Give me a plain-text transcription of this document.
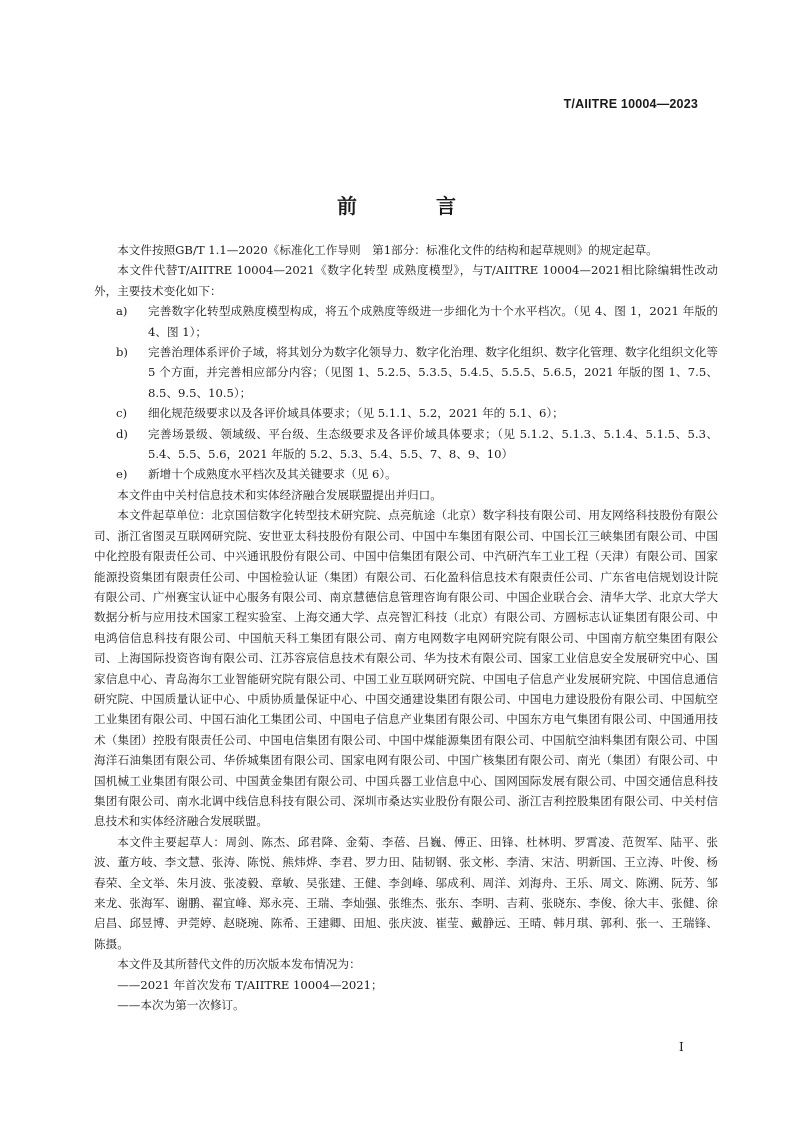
T/AIITRE 10004—2023
前 言

本文件按照GB/T 1.1—2020《标准化工作导则　第1部分：标准化文件的结构和起草规则》的规定起草。

本文件代替T/AIITRE 10004—2021《数字化转型 成熟度模型》，与T/AIITRE 10004—2021相比除编辑性改动外，主要技术变化如下：

a)	完善数字化转型成熟度模型构成，将五个成熟度等级进一步细化为十个水平档次。（见 4、图 1，2021 年版的 4、图 1）；
b)	完善治理体系评价子域，将其划分为数字化领导力、数字化治理、数字化组织、数字化管理、数字化组织文化等 5 个方面，并完善相应部分内容；（见图 1、5.2.5、5.3.5、5.4.5、5.5.5、5.6.5，2021 年版的图 1、7.5、8.5、9.5、10.5）；
c)	细化规范级要求以及各评价域具体要求；（见 5.1.1、5.2，2021 年的 5.1、6）；
d)	完善场景级、领域级、平台级、生态级要求及各评价域具体要求；（见 5.1.2、5.1.3、5.1.4、5.1.5、5.3、5.4、5.5、5.6，2021 年版的 5.2、5.3、5.4、5.5、7、8、9、10）
e)	新增十个成熟度水平档次及其关键要求（见 6）。

本文件由中关村信息技术和实体经济融合发展联盟提出并归口。

本文件起草单位：北京国信数字化转型技术研究院、点亮航途（北京）数字科技有限公司、用友网络科技股份有限公司、浙江省图灵互联网研究院、安世亚太科技股份有限公司、中国中车集团有限公司、中国长江三峡集团有限公司、中国中化控股有限责任公司、中兴通讯股份有限公司、中国中信集团有限公司、中汽研汽车工业工程（天津）有限公司、国家能源投资集团有限责任公司、中国检验认证（集团）有限公司、石化盈科信息技术有限责任公司、广东省电信规划设计院有限公司、广州赛宝认证中心服务有限公司、南京慧德信息管理咨询有限公司、中国企业联合会、清华大学、北京大学大数据分析与应用技术国家工程实验室、上海交通大学、点亮智汇科技（北京）有限公司、方圆标志认证集团有限公司、中电鸿信信息科技有限公司、中国航天科工集团有限公司、南方电网数字电网研究院有限公司、中国南方航空集团有限公司、上海国际投资咨询有限公司、江苏容宸信息技术有限公司、华为技术有限公司、国家工业信息安全发展研究中心、国家信息中心、青岛海尔工业智能研究院有限公司、中国工业互联网研究院、中国电子信息产业发展研究院、中国信息通信研究院、中国质量认证中心、中质协质量保证中心、中国交通建设集团有限公司、中国电力建设股份有限公司、中国航空工业集团有限公司、中国石油化工集团公司、中国电子信息产业集团有限公司、中国东方电气集团有限公司、中国通用技术（集团）控股有限责任公司、中国电信集团有限公司、中国中煤能源集团有限公司、中国航空油料集团有限公司、中国海洋石油集团有限公司、华侨城集团有限公司、国家电网有限公司、中国广核集团有限公司、南光（集团）有限公司、中国机械工业集团有限公司、中国黄金集团有限公司、中国兵器工业信息中心、国网国际发展有限公司、中国交通信息科技集团有限公司、南水北调中线信息科技有限公司、深圳市桑达实业股份有限公司、浙江吉利控股集团有限公司、中关村信息技术和实体经济融合发展联盟。

本文件主要起草人：周剑、陈杰、邱君降、金菊、李蓓、吕巍、傅正、田锋、杜林明、罗霄凌、范贺军、陆平、张波、董方岐、李文慧、张涛、陈悦、熊炜烨、李君、罗力田、陆韧钢、张文彬、李清、宋洁、明新国、王立涛、叶俊、杨春荣、全文举、朱月波、张凌毅、章敏、吴张建、王健、李剑峰、邬成利、周洋、刘海舟、王乐、周文、陈溯、阮芳、邹来龙、张海军、谢鹏、翟宜峰、郑永亮、王瑞、李灿强、张维杰、张东、李明、吉莉、张晓东、李俊、徐大丰、张健、徐启昌、邱昱博、尹莞婷、赵晓琬、陈希、王建卿、田旭、张庆波、崔莹、戴静远、王晴、韩月琪、郭利、张一、王瑞锋、陈摄。

本文件及其所替代文件的历次版本发布情况为：

——2021 年首次发布 T/AIITRE 10004—2021；

——本次为第一次修订。

I
